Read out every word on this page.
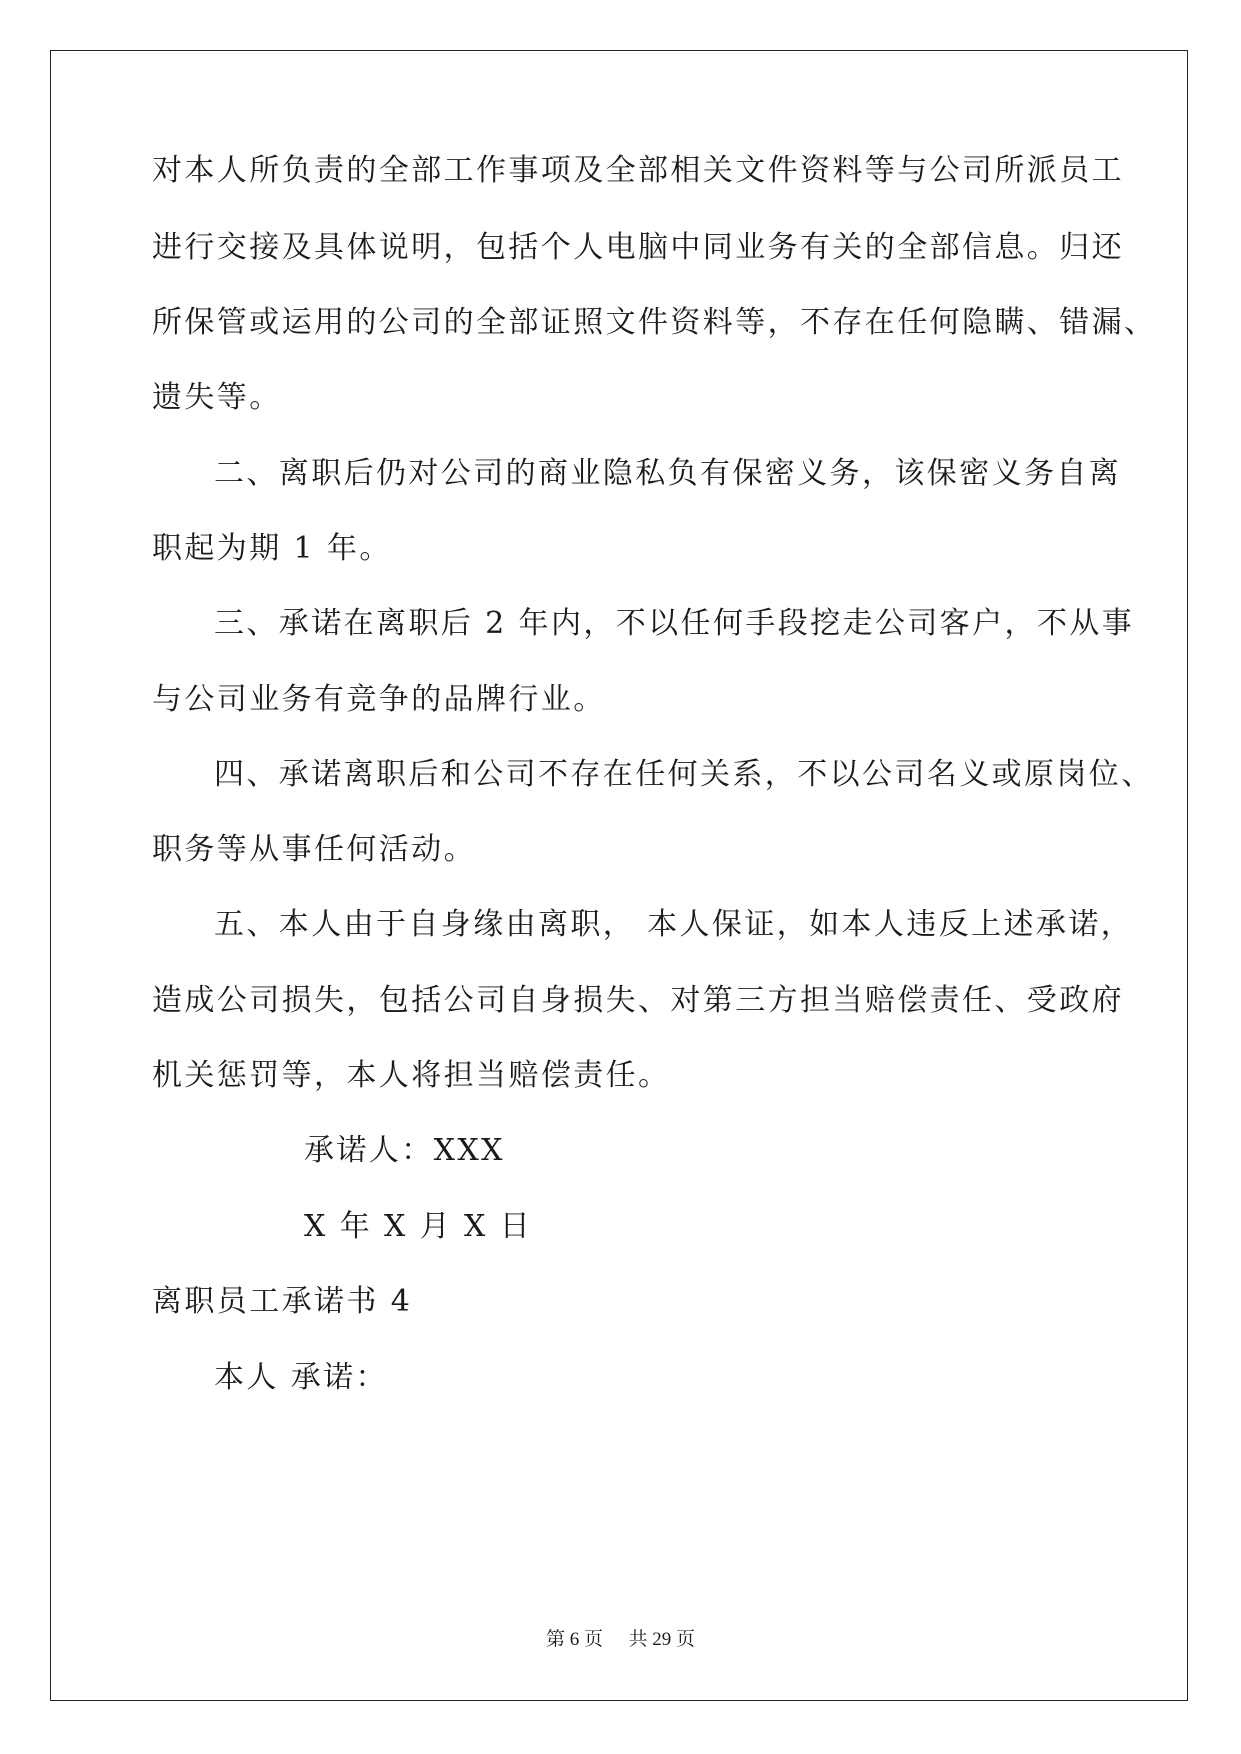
对本人所负责的全部工作事项及全部相关文件资料等与公司所派员工
进行交接及具体说明，包括个人电脑中同业务有关的全部信息。归还
所保管或运用的公司的全部证照文件资料等，不存在任何隐瞒、错漏、
遗失等。
二、离职后仍对公司的商业隐私负有保密义务，该保密义务自离
职起为期 1 年。
三、承诺在离职后 2 年内，不以任何手段挖走公司客户，不从事
与公司业务有竞争的品牌行业。
四、承诺离职后和公司不存在任何关系，不以公司名义或原岗位、
职务等从事任何活动。
五、本人由于自身缘由离职， 本人保证，如本人违反上述承诺，
造成公司损失，包括公司自身损失、对第三方担当赔偿责任、受政府
机关惩罚等，本人将担当赔偿责任。
承诺人：XXX
X 年 X 月 X 日
离职员工承诺书 4
本人 承诺：
第 6 页 共 29 页
